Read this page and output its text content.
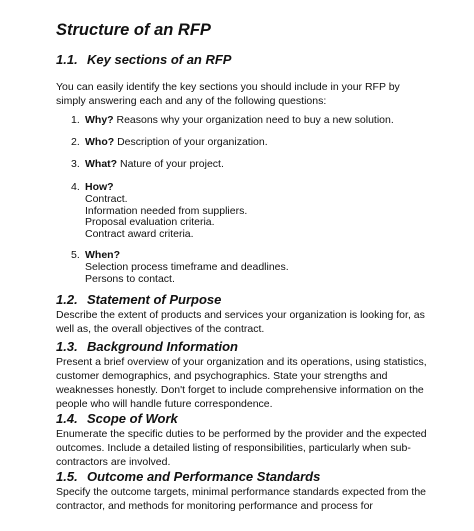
Structure of an RFP
1.1. Key sections of an RFP

You can easily identify the key sections you should include in your RFP by
simply answering each and any of the following questions:

1. Why? Reasons why your organization need to buy a new solution.
2. Who? Description of your organization.
3. What? Nature of your project.
4. How?
Contract.
Information needed from suppliers.
Proposal evaluation criteria.
Contract award criteria.
5. When?
Selection process timeframe and deadlines.
Persons to contact.
1.2. Statement of Purpose

Describe the extent of products and services your organization is looking for, as
well as, the overall objectives of the contract.

1.3. Background Information

Present a brief overview of your organization and its operations, using statistics,
customer demographics, and psychographics. State your strengths and
weaknesses honestly. Don't forget to include comprehensive information on the
people who will handle future correspondence.

1.4. Scope of Work

Enumerate the specific duties to be performed by the provider and the expected
outcomes. Include a detailed listing of responsibilities, particularly when sub-
contractors are involved.

1.5. Outcome and Performance Standards

Specify the outcome targets, minimal performance standards expected from the
contractor, and methods for monitoring performance and process for
